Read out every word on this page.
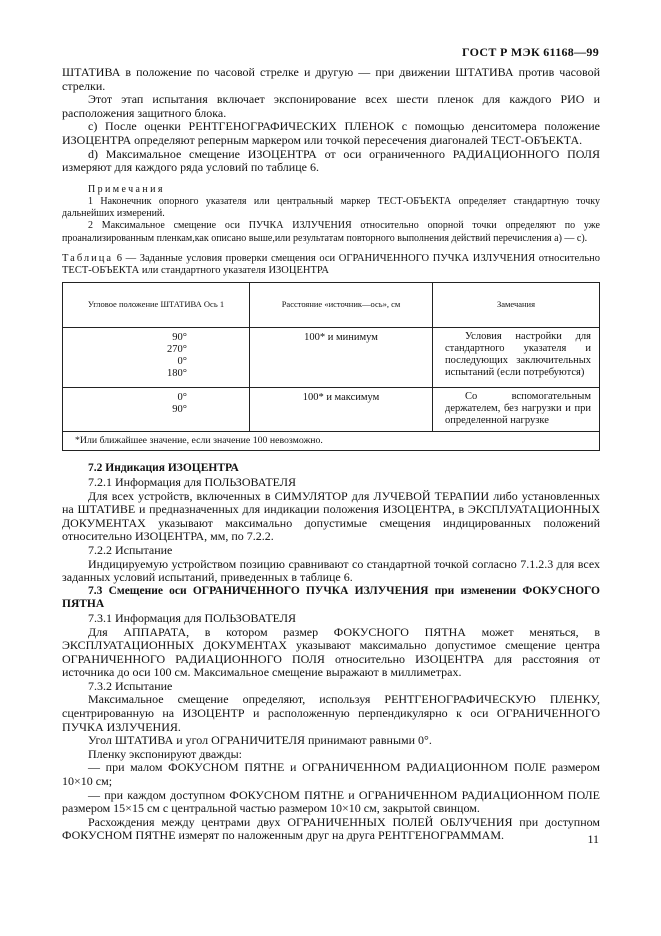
ГОСТ Р МЭК 61168—99

ШТАТИВА в положение по часовой стрелке и другую — при движении ШТАТИВА против часовой стрелки.

Этот этап испытания включает экспонирование всех шести пленок для каждого РИО и расположения защитного блока.

c) После оценки РЕНТГЕНОГРАФИЧЕСКИХ ПЛЕНОК с помощью денситомера положение ИЗОЦЕНТРА определяют реперным маркером или точкой пересечения диагоналей ТЕСТ-ОБЪЕКТА.

d) Максимальное смещение ИЗОЦЕНТРА от оси ограниченного РАДИАЦИОННОГО ПОЛЯ измеряют для каждого ряда условий по таблице 6.

Примечания

1 Наконечник опорного указателя или центральный маркер ТЕСТ-ОБЪЕКТА определяет стандартную точку дальнейших измерений.

2 Максимальное смещение оси ПУЧКА ИЗЛУЧЕНИЯ относительно опорной точки определяют по уже проанализированным пленкам,как описано выше,или результатам повторного выполнения действий перечисления а) — с).

Таблица 6 — Заданные условия проверки смещения оси ОГРАНИЧЕННОГО ПУЧКА ИЗЛУЧЕНИЯ относительно ТЕСТ-ОБЪЕКТА или стандартного указателя ИЗОЦЕНТРА

Угловое положение ШТАТИВА Ось 1	Расстояние «источник—ось», см	Замечания

90°
270°
0°
180°	100* и минимум	Условия настройки для стандартного указателя и последующих заключительных испытаний (если потребуются)

0°
90°	100* и максимум	Со вспомогательным держателем, без нагрузки и при определенной нагрузке

*Или ближайшее значение, если значение 100 невозможно.		
7.2 Индикация ИЗОЦЕНТРА

7.2.1 Информация для ПОЛЬЗОВАТЕЛЯ

Для всех устройств, включенных в СИМУЛЯТОР для ЛУЧЕВОЙ ТЕРАПИИ либо установленных на ШТАТИВЕ и предназначенных для индикации положения ИЗОЦЕНТРА, в ЭКСПЛУАТАЦИОННЫХ ДОКУМЕНТАХ указывают максимально допустимые смещения индицированных положений относительно ИЗОЦЕНТРА, мм, по 7.2.2.

7.2.2 Испытание

Индицируемую устройством позицию сравнивают со стандартной точкой согласно 7.1.2.3 для всех заданных условий испытаний, приведенных в таблице 6.

7.3 Смещение оси ОГРАНИЧЕННОГО ПУЧКА ИЗЛУЧЕНИЯ при изменении ФОКУСНОГО ПЯТНА

7.3.1 Информация для ПОЛЬЗОВАТЕЛЯ

Для АППАРАТА, в котором размер ФОКУСНОГО ПЯТНА может меняться, в ЭКСПЛУАТАЦИОННЫХ ДОКУМЕНТАХ указывают максимально допустимое смещение центра ОГРАНИЧЕННОГО РАДИАЦИОННОГО ПОЛЯ относительно ИЗОЦЕНТРА для расстояния от источника до оси 100 см. Максимальное смещение выражают в миллиметрах.

7.3.2 Испытание

Максимальное смещение определяют, используя РЕНТГЕНОГРАФИЧЕСКУЮ ПЛЕНКУ, сцентрированную на ИЗОЦЕНТР и расположенную перпендикулярно к оси ОГРАНИЧЕННОГО ПУЧКА ИЗЛУЧЕНИЯ.

Угол ШТАТИВА и угол ОГРАНИЧИТЕЛЯ принимают равными 0°.

Пленку экспонируют дважды:

— при малом ФОКУСНОМ ПЯТНЕ и ОГРАНИЧЕННОМ РАДИАЦИОННОМ ПОЛЕ размером 10×10 см;

— при каждом доступном ФОКУСНОМ ПЯТНЕ и ОГРАНИЧЕННОМ РАДИАЦИОННОМ ПОЛЕ размером 15×15 см с центральной частью размером 10×10 см, закрытой свинцом.

Расхождения между центрами двух ОГРАНИЧЕННЫХ ПОЛЕЙ ОБЛУЧЕНИЯ при доступном ФОКУСНОМ ПЯТНЕ измерят по наложенным друг на друга РЕНТГЕНОГРАММАМ.	11
